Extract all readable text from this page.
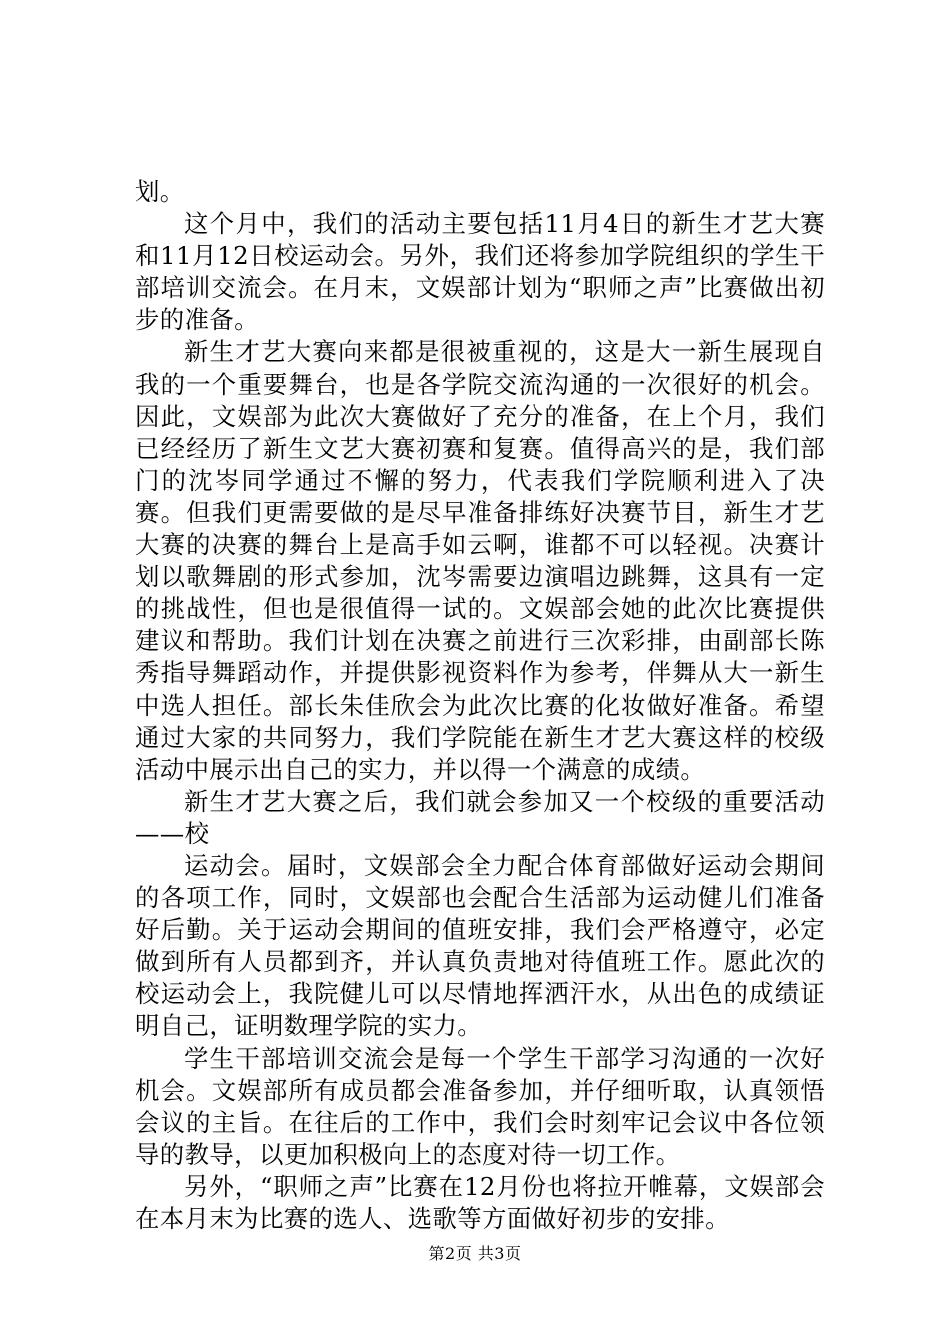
划。

这个月中，我们的活动主要包括11月4日的新生才艺大赛和11月12日校运动会。另外，我们还将参加学院组织的学生干部培训交流会。在月末，文娱部计划为“职师之声”比赛做出初步的准备。

新生才艺大赛向来都是很被重视的，这是大一新生展现自我的一个重要舞台，也是各学院交流沟通的一次很好的机会。因此，文娱部为此次大赛做好了充分的准备，在上个月，我们已经经历了新生文艺大赛初赛和复赛。值得高兴的是，我们部门的沈岑同学通过不懈的努力，代表我们学院顺利进入了决赛。但我们更需要做的是尽早准备排练好决赛节目，新生才艺大赛的决赛的舞台上是高手如云啊，谁都不可以轻视。决赛计划以歌舞剧的形式参加，沈岑需要边演唱边跳舞，这具有一定的挑战性，但也是很值得一试的。文娱部会她的此次比赛提供建议和帮助。我们计划在决赛之前进行三次彩排，由副部长陈秀指导舞蹈动作，并提供影视资料作为参考，伴舞从大一新生中选人担任。部长朱佳欣会为此次比赛的化妆做好准备。希望通过大家的共同努力，我们学院能在新生才艺大赛这样的校级活动中展示出自己的实力，并以得一个满意的成绩。

新生才艺大赛之后，我们就会参加又一个校级的重要活动——校

运动会。届时，文娱部会全力配合体育部做好运动会期间的各项工作，同时，文娱部也会配合生活部为运动健儿们准备好后勤。关于运动会期间的值班安排，我们会严格遵守，必定做到所有人员都到齐，并认真负责地对待值班工作。愿此次的校运动会上，我院健儿可以尽情地挥洒汗水，从出色的成绩证明自己，证明数理学院的实力。

学生干部培训交流会是每一个学生干部学习沟通的一次好机会。文娱部所有成员都会准备参加，并仔细听取，认真领悟会议的主旨。在往后的工作中，我们会时刻牢记会议中各位领导的教导，以更加积极向上的态度对待一切工作。

另外，“职师之声”比赛在12月份也将拉开帷幕，文娱部会在本月末为比赛的选人、选歌等方面做好初步的安排。

第2页 共3页
